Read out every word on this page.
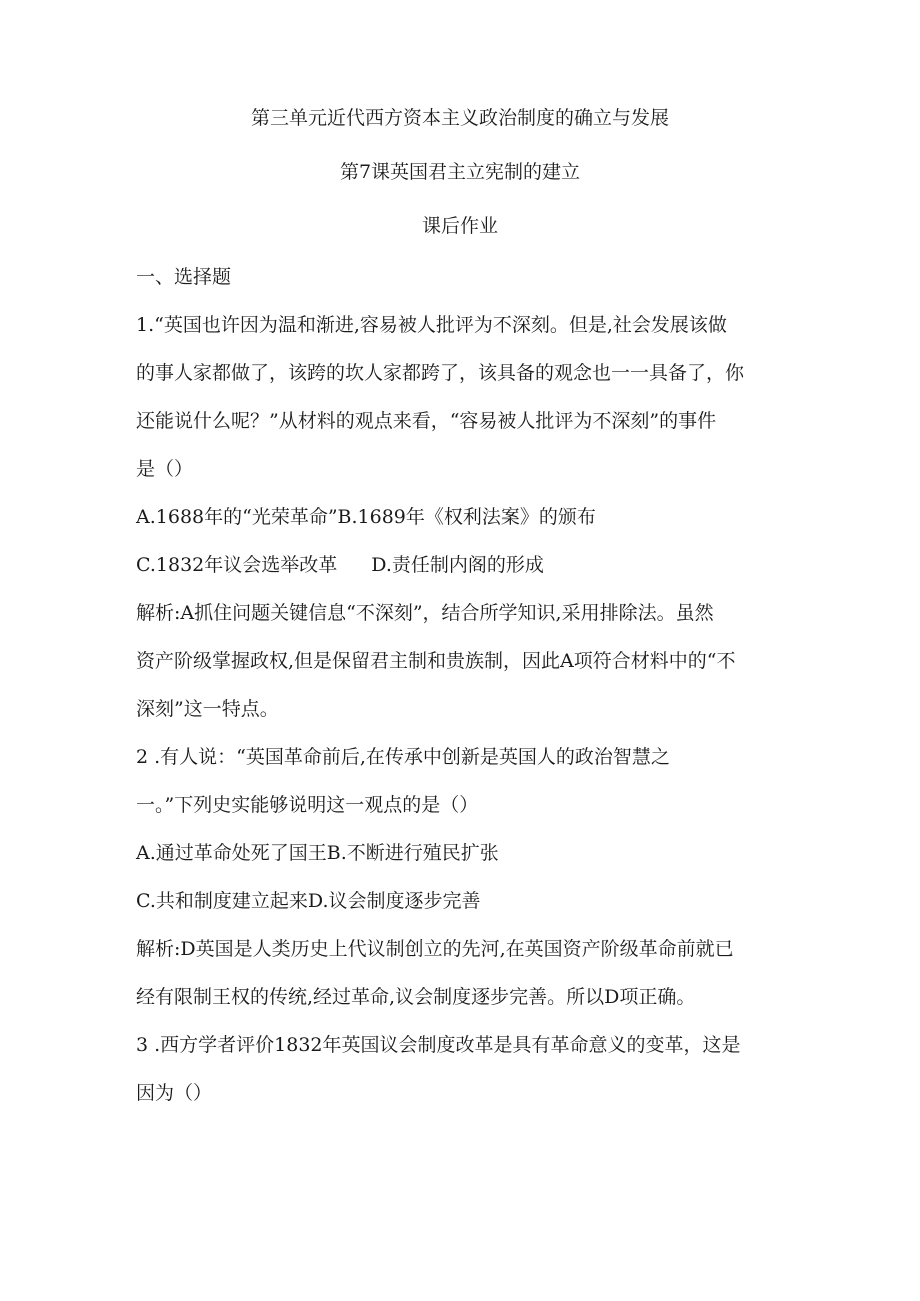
第三单元近代西方资本主义政治制度的确立与发展

第7课英国君主立宪制的建立

课后作业

一、选择题

1.“英国也许因为温和渐进,容易被人批评为不深刻。但是,社会发展该做

的事人家都做了，该跨的坎人家都跨了，该具备的观念也一一具备了，你

还能说什么呢？”从材料的观点来看，“容易被人批评为不深刻”的事件

是（）

A.1688年的“光荣革命”B.1689年《权利法案》的颁布

C.1832年议会选举改革 D.责任制内阁的形成

解析:A抓住问题关键信息“不深刻”，结合所学知识,采用排除法。虽然

资产阶级掌握政权,但是保留君主制和贵族制，因此A项符合材料中的“不

深刻”这一特点。

2 .有人说：“英国革命前后,在传承中创新是英国人的政治智慧之

一。”下列史实能够说明这一观点的是（）

A.通过革命处死了国王B.不断进行殖民扩张

C.共和制度建立起来D.议会制度逐步完善

解析:D英国是人类历史上代议制创立的先河,在英国资产阶级革命前就已

经有限制王权的传统,经过革命,议会制度逐步完善。所以D项正确。

3 .西方学者评价1832年英国议会制度改革是具有革命意义的变革，这是

因为（）
